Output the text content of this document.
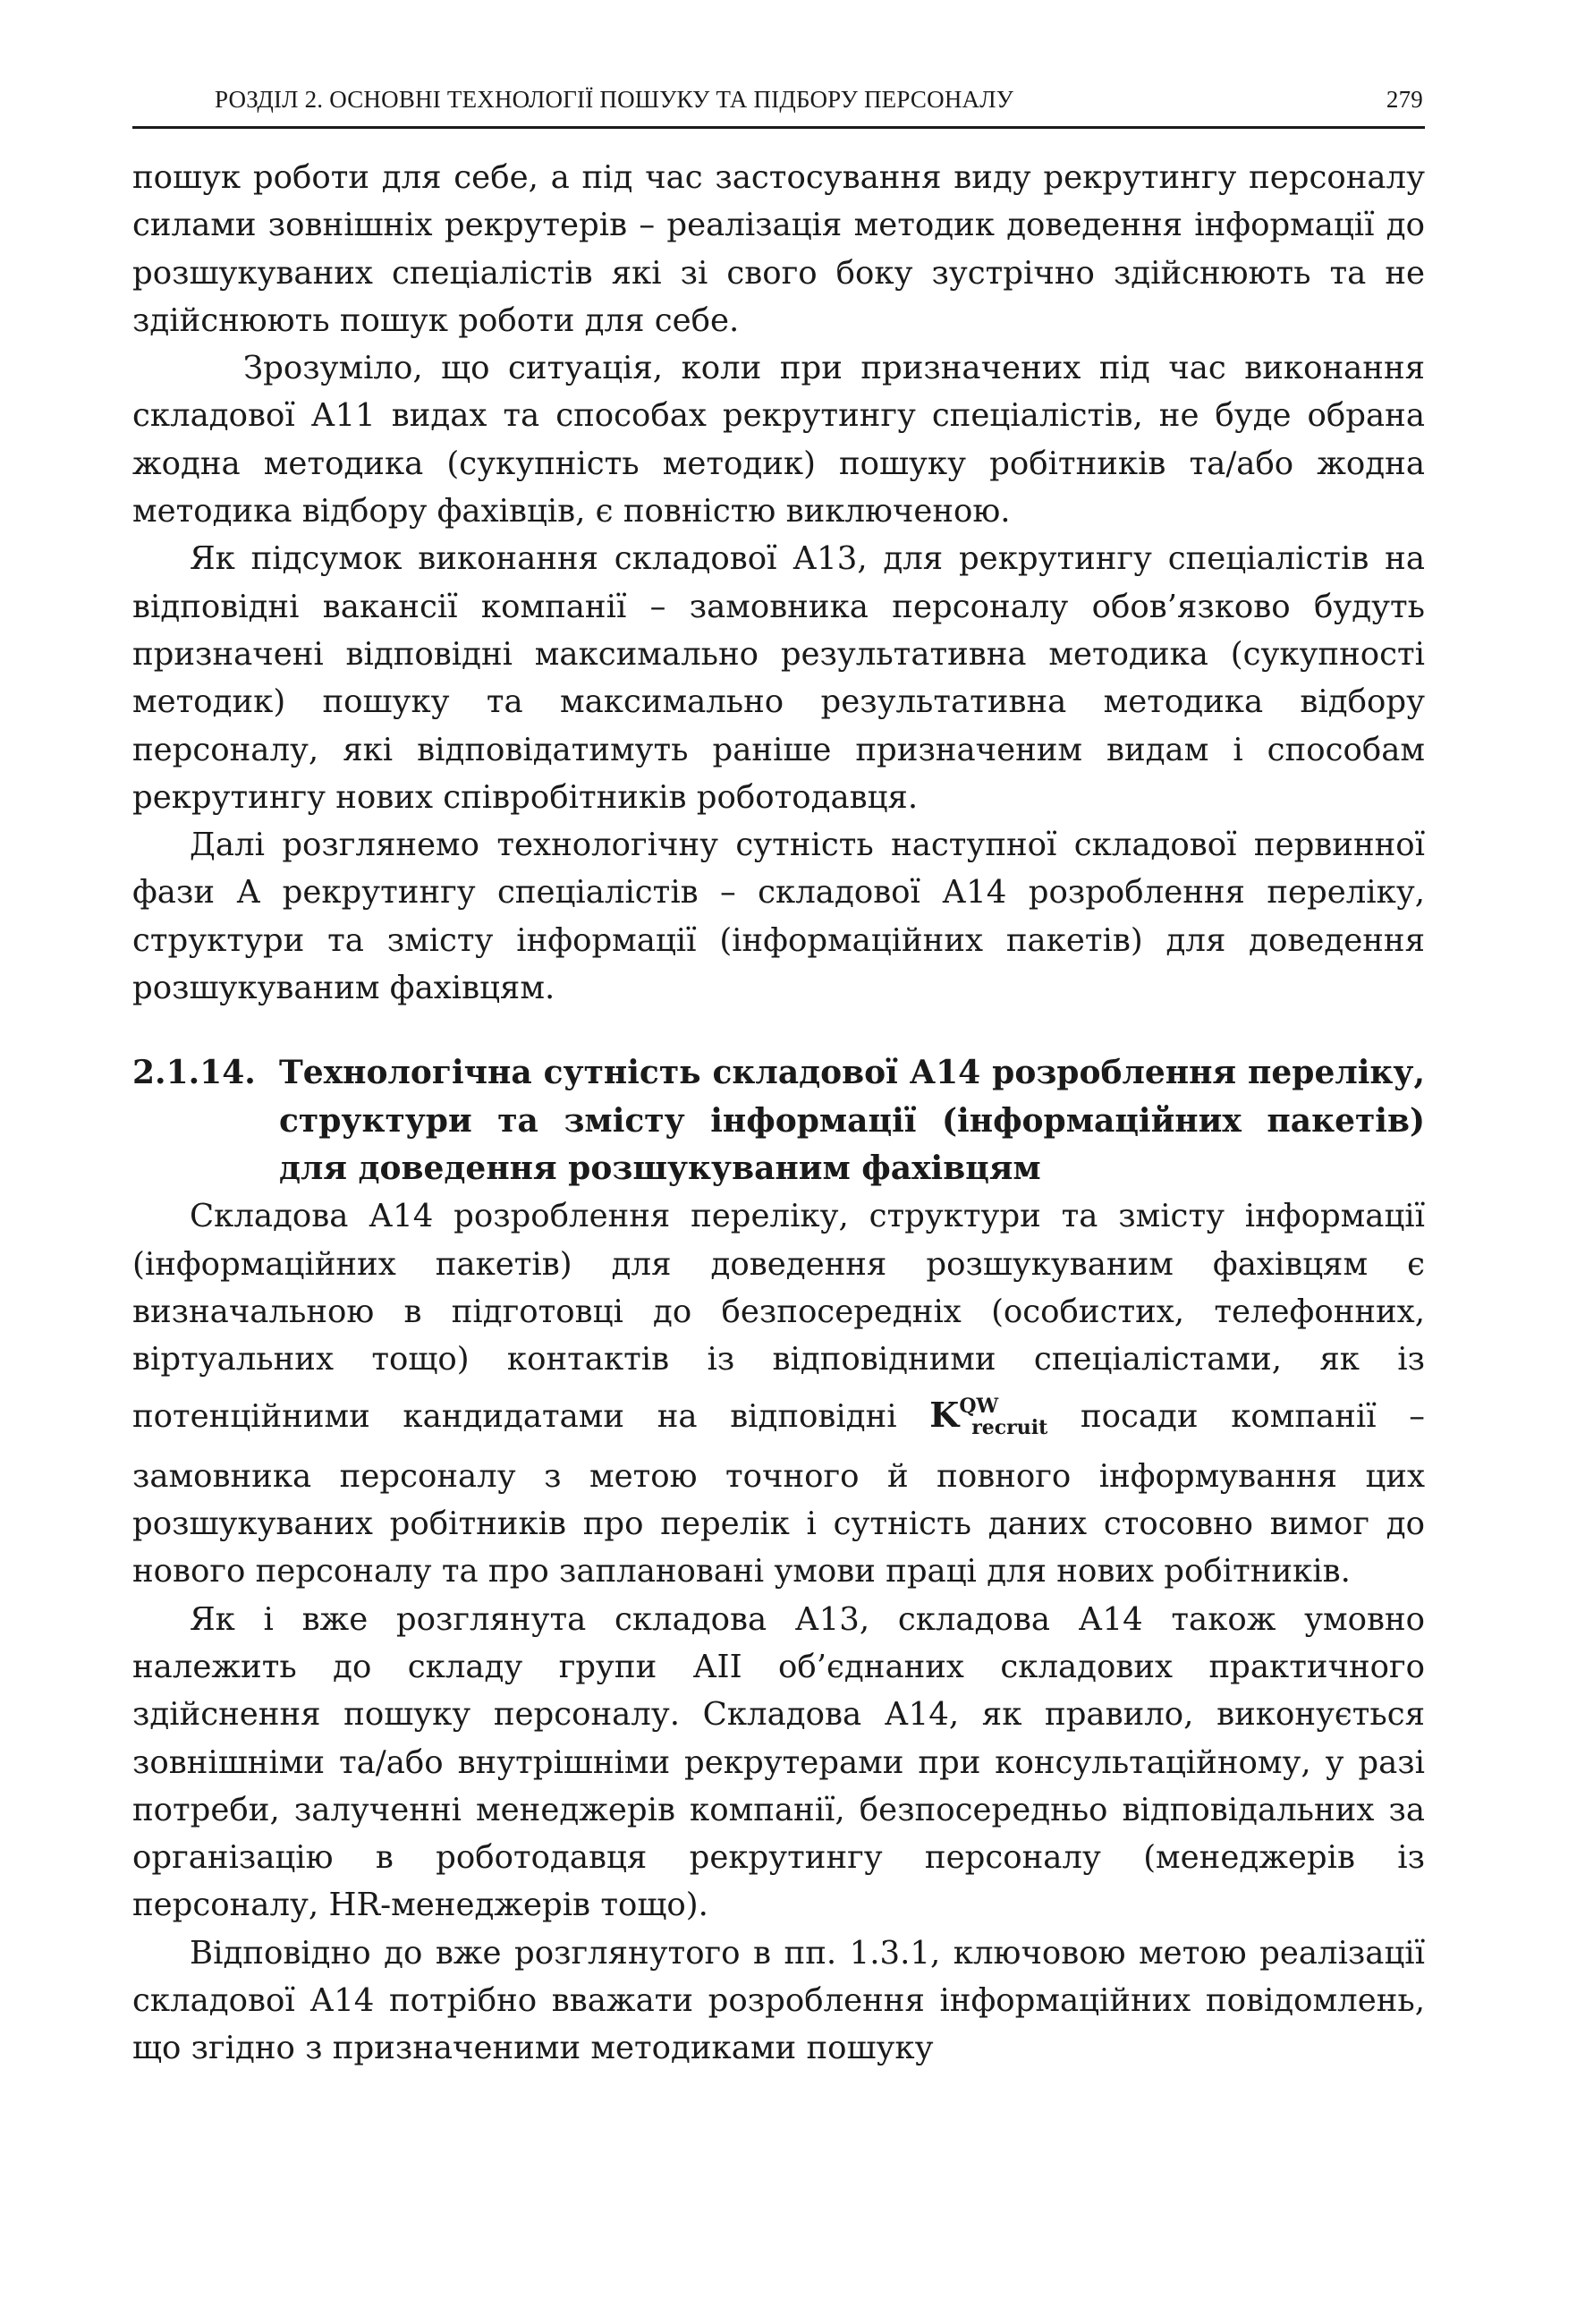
РОЗДІЛ 2. ОСНОВНІ ТЕХНОЛОГІЇ ПОШУКУ ТА ПІДБОРУ ПЕРСОНАЛУ	279

пошук роботи для себе, а під час застосування виду рекрутингу персоналу силами зовнішніх рекрутерів – реалізація методик доведення інформації до розшукуваних спеціалістів які зі свого боку зустрічно здійснюють та не здійснюють пошук роботи для себе.

Зрозуміло, що ситуація, коли при призначених під час виконання складової А11 видах та способах рекрутингу спеціалістів, не буде обрана жодна методика (сукупність методик) пошуку робітників та/або жодна методика відбору фахівців, є повністю виключеною.

Як підсумок виконання складової А13, для рекрутингу спеціалістів на відповідні вакансії компанії – замовника персоналу обов’язково будуть призначені відповідні максимально результативна методика (сукупності методик) пошуку та максимально результативна методика відбору персоналу, які відповідатимуть раніше призначеним видам і способам рекрутингу нових співробітників роботодавця.

Далі розглянемо технологічну сутність наступної складової первинної фази А рекрутингу спеціалістів – складової А14 розроблення переліку, структури та змісту інформації (інформаційних пакетів) для доведення розшукуваним фахівцям.

2.1.14. Технологічна сутність складової А14 розроблення переліку, структури та змісту інформації (інформаційних пакетів) для доведення розшукуваним фахівцям

Складова А14 розроблення переліку, структури та змісту інформації (інформаційних пакетів) для доведення розшукуваним фахівцям є визначальною в підготовці до безпосередніх (особистих, телефонних, віртуальних тощо) контактів із відповідними спеціалістами, як із потенційними кандидатами на відповідні $K^{QW}_{recruit}$ посади компанії – замовника персоналу з метою точного й повного інформування цих розшукуваних робітників про перелік і сутність даних стосовно вимог до нового персоналу та про заплановані умови праці для нових робітників.

Як і вже розглянута складова А13, складова А14 також умовно належить до складу групи АІІ об’єднаних складових практичного здійснення пошуку персоналу. Складова А14, як правило, виконується зовнішніми та/або внутрішніми рекрутерами при консультаційному, у разі потреби, залученні менеджерів компанії, безпосередньо відповідальних за організацію в роботодавця рекрутингу персоналу (менеджерів із персоналу, HR-менеджерів тощо).

Відповідно до вже розглянутого в пп. 1.3.1, ключовою метою реалізації складової А14 потрібно вважати розроблення інформаційних повідомлень, що згідно з призначеними методиками пошуку
